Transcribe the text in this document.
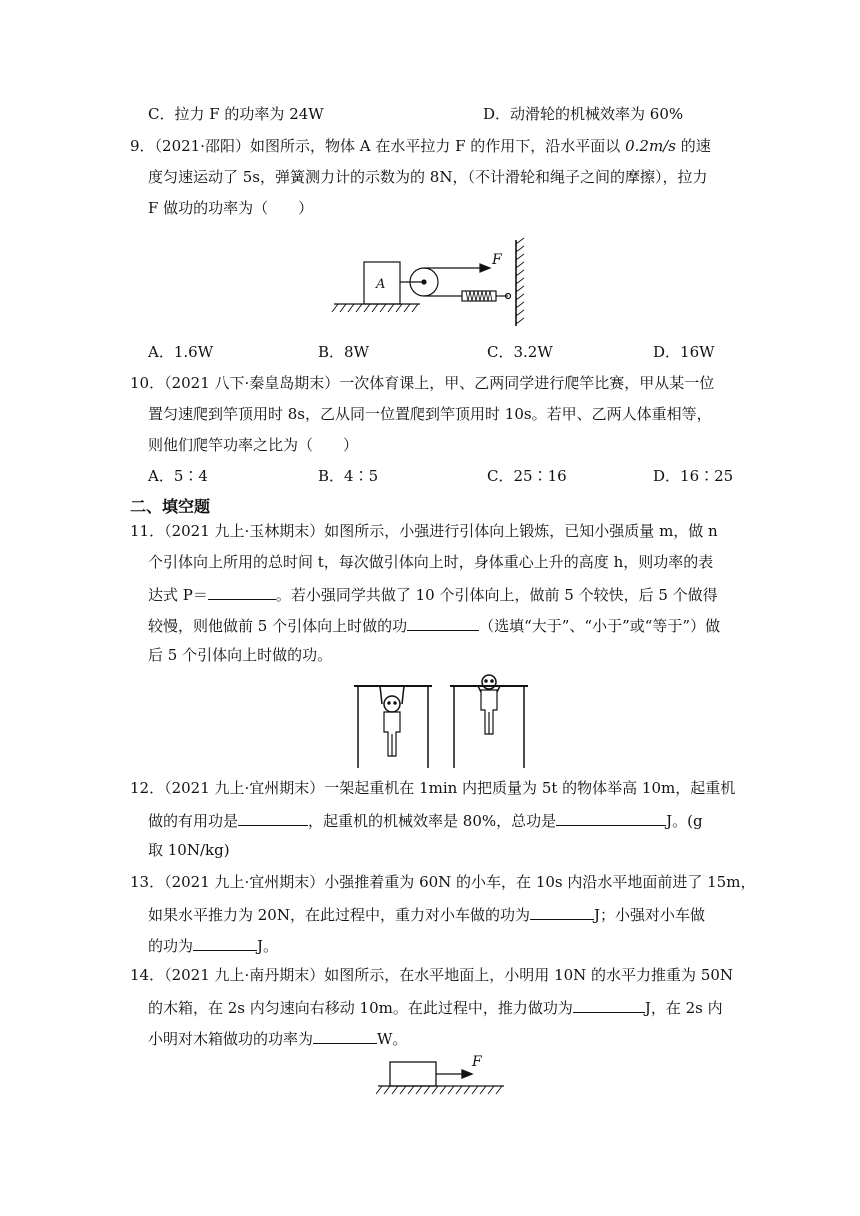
C．拉力 F 的功率为 24W	D．动滑轮的机械效率为 60%
9．（2021·邵阳）如图所示，物体 A 在水平拉力 F 的作用下，沿水平面以 0.2m/s 的速
度匀速运动了 5s，弹簧测力计的示数为的 8N，（不计滑轮和绳子之间的摩擦），拉力
F 做功的功率为（　　）
A
F
A．1.6W	B．8W	C．3.2W	D．16W
10．（2021 八下·秦皇岛期末）一次体育课上，甲、乙两同学进行爬竿比赛，甲从某一位
置匀速爬到竿顶用时 8s，乙从同一位置爬到竿顶用时 10s。若甲、乙两人体重相等，
则他们爬竿功率之比为（　　）
A．5∶4	B．4∶5	C．25∶16	D．16∶25
二、填空题
11．（2021 九上·玉林期末）如图所示，小强进行引体向上锻炼，已知小强质量 m，做 n
个引体向上所用的总时间 t，每次做引体向上时，身体重心上升的高度 h，则功率的表
达式 P＝	。若小强同学共做了 10 个引体向上，做前 5 个较快，后 5 个做得
较慢，则他做前 5 个引体向上时做的功	（选填“大于”、“小于”或“等于”）做
后 5 个引体向上时做的功。
12．（2021 九上·宜州期末）一架起重机在 1min 内把质量为 5t 的物体举高 10m，起重机
做的有用功是	，起重机的机械效率是 80%，总功是	J。(g
取 10N/kg)
13．（2021 九上·宜州期末）小强推着重为 60N 的小车，在 10s 内沿水平地面前进了 15m，
如果水平推力为 20N，在此过程中，重力对小车做的功为	J；小强对小车做
的功为	J。
14．（2021 九上·南丹期末）如图所示，在水平地面上，小明用 10N 的水平力推重为 50N
的木箱，在 2s 内匀速向右移动 10m。在此过程中，推力做功为	J，在 2s 内
小明对木箱做功的功率为	W。
F
